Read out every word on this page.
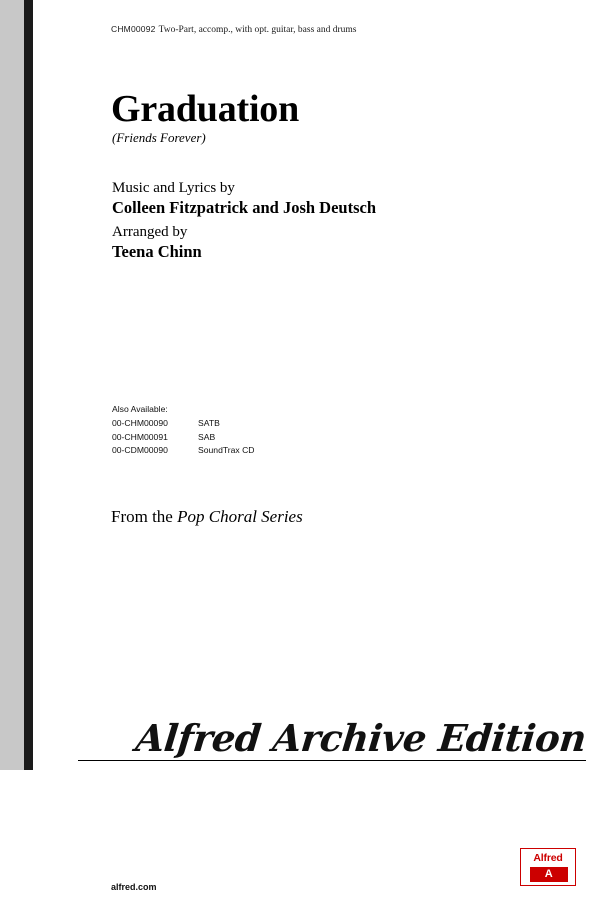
CHM00092 Two-Part, accomp., with opt. guitar, bass and drums
Graduation
(Friends Forever)
Music and Lyrics by
Colleen Fitzpatrick and Josh Deutsch
Arranged by
Teena Chinn
Also Available:
00-CHM00090	SATB
00-CHM00091	SAB
00-CDM00090	SoundTrax CD
From the Pop Choral Series
Alfred Archive Edition
alfred.com
Alfred
A
